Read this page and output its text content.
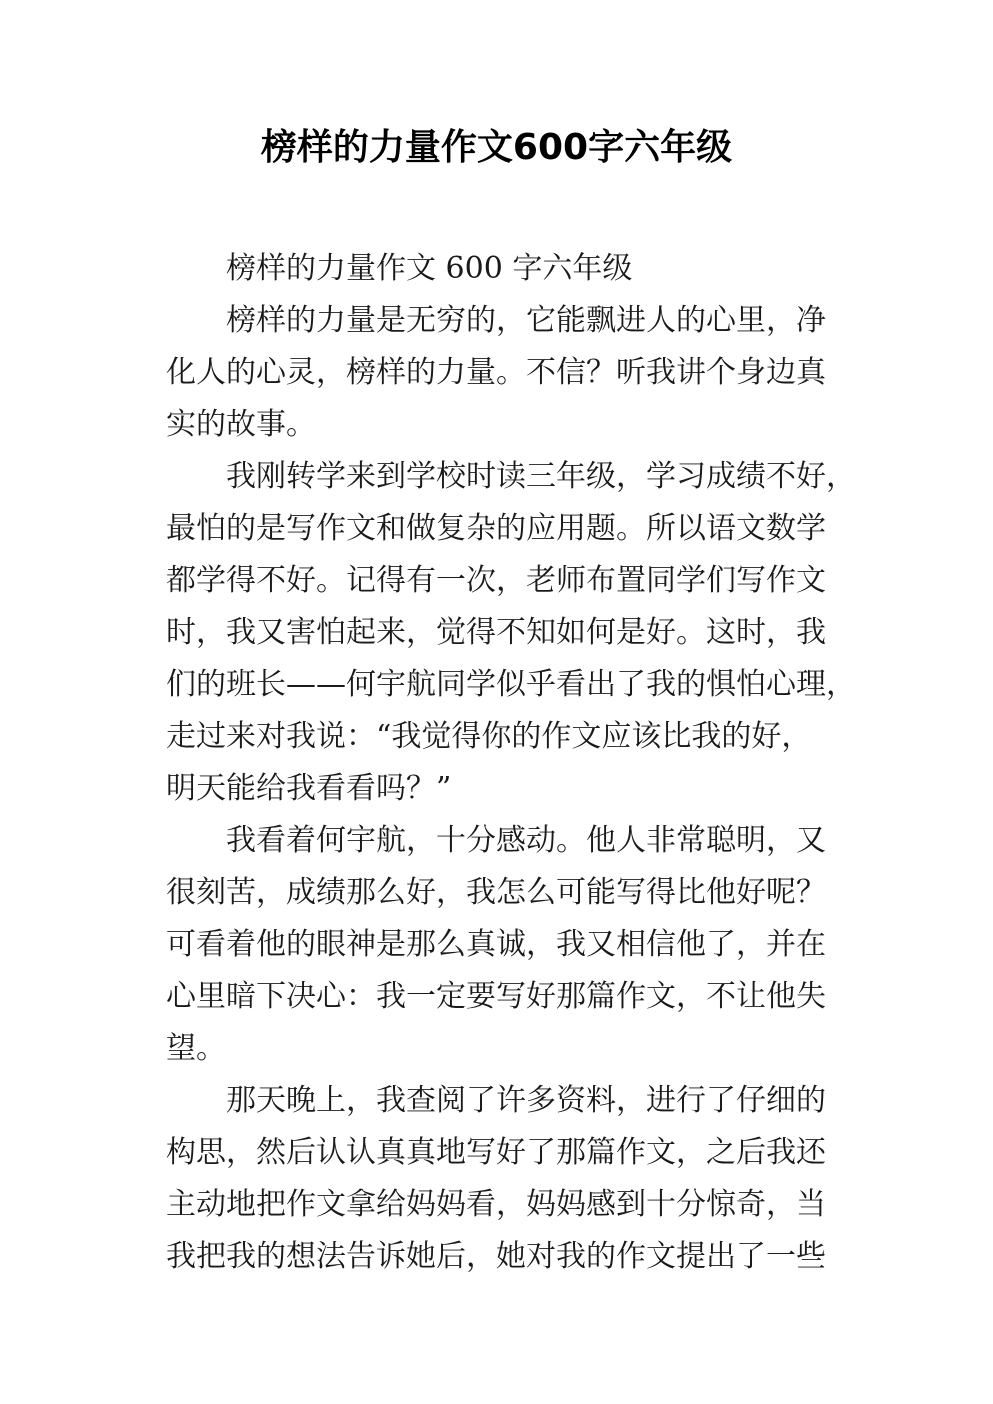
榜样的力量作文600字六年级
榜样的力量作文 600 字六年级
榜样的力量是无穷的，它能飘进人的心里，净
化人的心灵，榜样的力量。不信？听我讲个身边真
实的故事。
我刚转学来到学校时读三年级，学习成绩不好，
最怕的是写作文和做复杂的应用题。所以语文数学
都学得不好。记得有一次，老师布置同学们写作文
时，我又害怕起来，觉得不知如何是好。这时，我
们的班长——何宇航同学似乎看出了我的惧怕心理，
走过来对我说：“我觉得你的作文应该比我的好，
明天能给我看看吗？”
我看着何宇航，十分感动。他人非常聪明，又
很刻苦，成绩那么好，我怎么可能写得比他好呢？
可看着他的眼神是那么真诚，我又相信他了，并在
心里暗下决心：我一定要写好那篇作文，不让他失
望。
那天晚上，我查阅了许多资料，进行了仔细的
构思，然后认认真真地写好了那篇作文，之后我还
主动地把作文拿给妈妈看，妈妈感到十分惊奇，当
我把我的想法告诉她后，她对我的作文提出了一些
